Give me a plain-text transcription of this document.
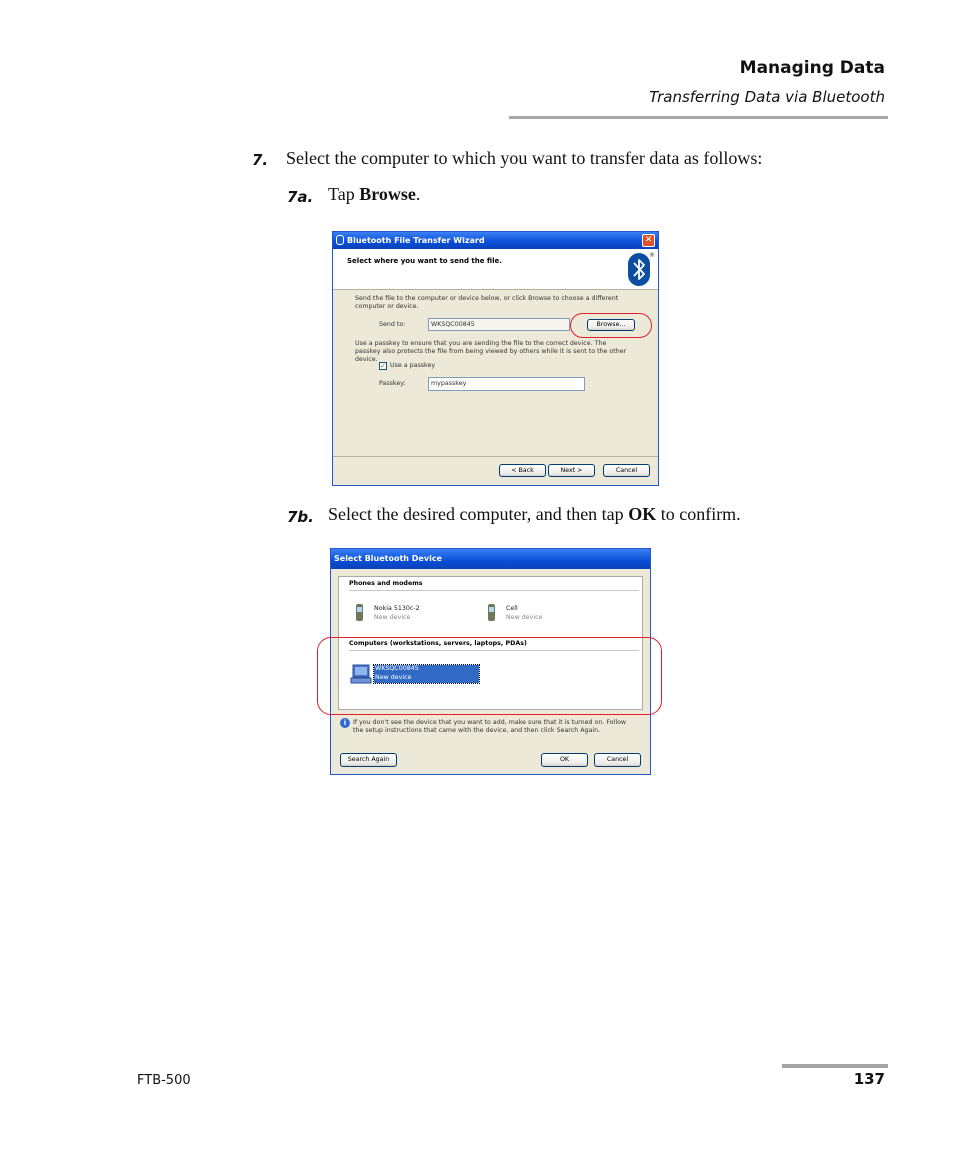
Managing Data
Transferring Data via Bluetooth
7. Select the computer to which you want to transfer data as follows:
7a. Tap Browse.
Bluetooth File Transfer Wizard	✕
Select where you want to send the file.
®
Send the file to the computer or device below, or click Browse to choose a different computer or device.
Send to:	WKSQC00845	Browse...
Use a passkey to ensure that you are sending the file to the correct device. The passkey also protects the file from being viewed by others while it is sent to the other device.
✓ Use a passkey
Passkey:	mypasskey
< Back	Next >	Cancel
7b. Select the desired computer, and then tap OK to confirm.
Select Bluetooth Device
Phones and modems
Nokia 5130c-2
New device
Cell
New device
Computers (workstations, servers, laptops, PDAs)
WKSQC00845
New device
i	If you don't see the device that you want to add, make sure that it is turned on. Follow the setup instructions that came with the device, and then click Search Again.
Search Again	OK	Cancel
FTB-500	137
